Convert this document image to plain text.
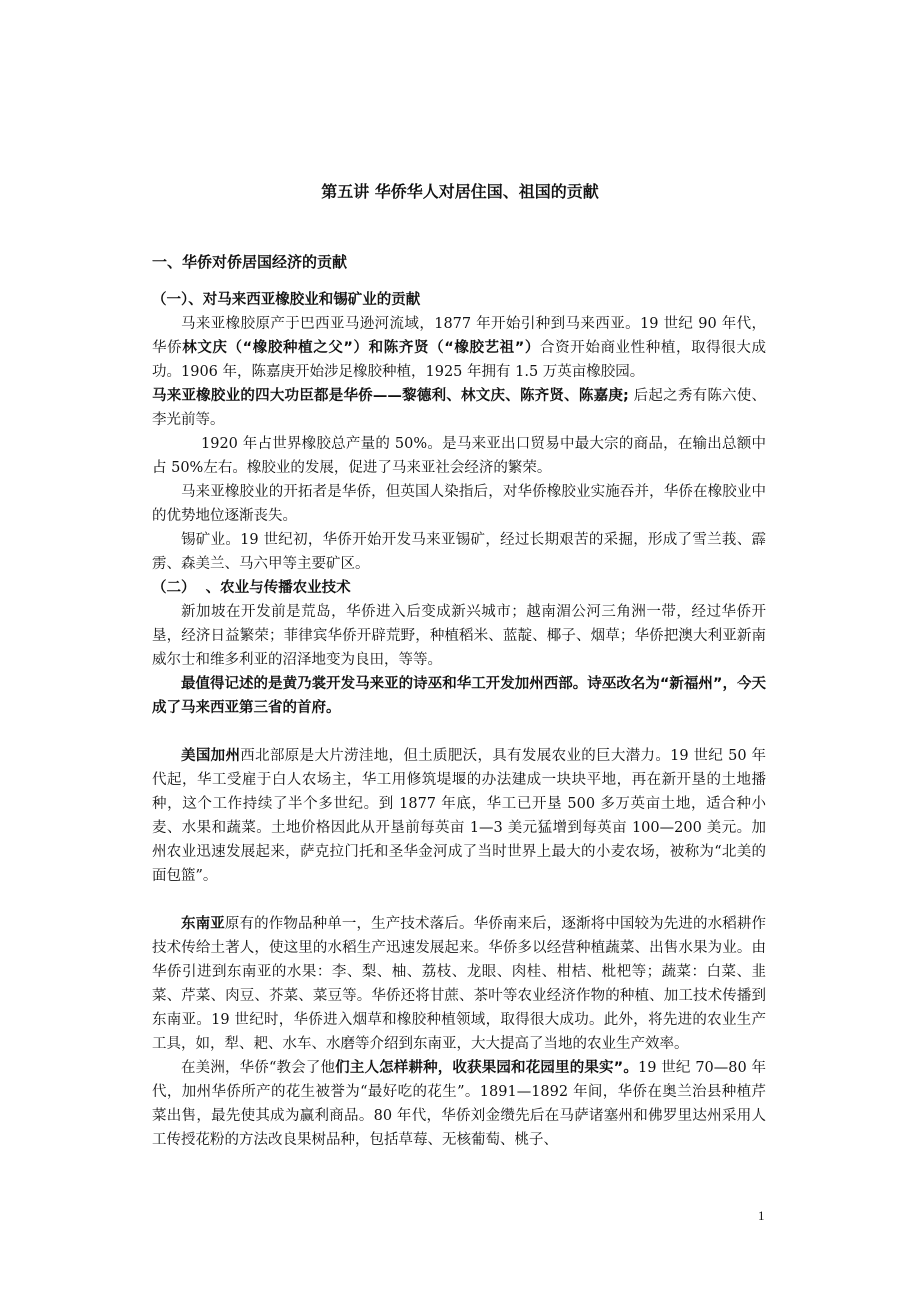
第五讲 华侨华人对居住国、祖国的贡献
一、华侨对侨居国经济的贡献
（一）、对马来西亚橡胶业和锡矿业的贡献

马来亚橡胶原产于巴西亚马逊河流域，1877 年开始引种到马来西亚。19 世纪 90 年代，华侨林文庆（“橡胶种植之父”）和陈齐贤（“橡胶艺祖”）合资开始商业性种植，取得很大成功。1906 年，陈嘉庚开始涉足橡胶种植，1925 年拥有 1.5 万英亩橡胶园。

马来亚橡胶业的四大功臣都是华侨——黎德利、林文庆、陈齐贤、陈嘉庚; 后起之秀有陈六使、李光前等。

1920 年占世界橡胶总产量的 50%。是马来亚出口贸易中最大宗的商品，在输出总额中占 50%左右。橡胶业的发展，促进了马来亚社会经济的繁荣。

马来亚橡胶业的开拓者是华侨，但英国人染指后，对华侨橡胶业实施吞并，华侨在橡胶业中的优势地位逐渐丧失。

锡矿业。19 世纪初，华侨开始开发马来亚锡矿，经过长期艰苦的采掘，形成了雪兰莪、霹雳、森美兰、马六甲等主要矿区。

（二）  、农业与传播农业技术

新加坡在开发前是荒岛，华侨进入后变成新兴城市；越南湄公河三角洲一带，经过华侨开垦，经济日益繁荣；菲律宾华侨开辟荒野，种植稻米、蓝靛、椰子、烟草；华侨把澳大利亚新南威尔士和维多利亚的沼泽地变为良田，等等。

最值得记述的是黄乃裳开发马来亚的诗巫和华工开发加州西部。诗巫改名为“新福州”，今天成了马来西亚第三省的首府。

美国加州西北部原是大片涝洼地，但土质肥沃，具有发展农业的巨大潜力。19 世纪 50 年代起，华工受雇于白人农场主，华工用修筑堤堰的办法建成一块块平地，再在新开垦的土地播种，这个工作持续了半个多世纪。到 1877 年底，华工已开垦 500 多万英亩土地，适合种小麦、水果和蔬菜。土地价格因此从开垦前每英亩 1—3 美元猛增到每英亩 100—200 美元。加州农业迅速发展起来，萨克拉门托和圣华金河成了当时世界上最大的小麦农场，被称为“北美的面包篮”。

东南亚原有的作物品种单一，生产技术落后。华侨南来后，逐渐将中国较为先进的水稻耕作技术传给土著人，使这里的水稻生产迅速发展起来。华侨多以经营种植蔬菜、出售水果为业。由华侨引进到东南亚的水果：李、梨、柚、荔枝、龙眼、肉桂、柑桔、枇杷等；蔬菜：白菜、韭菜、芹菜、肉豆、芥菜、菜豆等。华侨还将甘蔗、茶叶等农业经济作物的种植、加工技术传播到东南亚。19 世纪时，华侨进入烟草和橡胶种植领域，取得很大成功。此外，将先进的农业生产工具，如，犁、耙、水车、水磨等介绍到东南亚，大大提高了当地的农业生产效率。

在美洲，华侨“教会了他们主人怎样耕种，收获果园和花园里的果实”。19 世纪 70—80 年代，加州华侨所产的花生被誉为“最好吃的花生”。1891—1892 年间，华侨在奥兰治县种植芹菜出售，最先使其成为赢利商品。80 年代，华侨刘金缵先后在马萨诸塞州和佛罗里达州采用人工传授花粉的方法改良果树品种，包括草莓、无核葡萄、桃子、

1
